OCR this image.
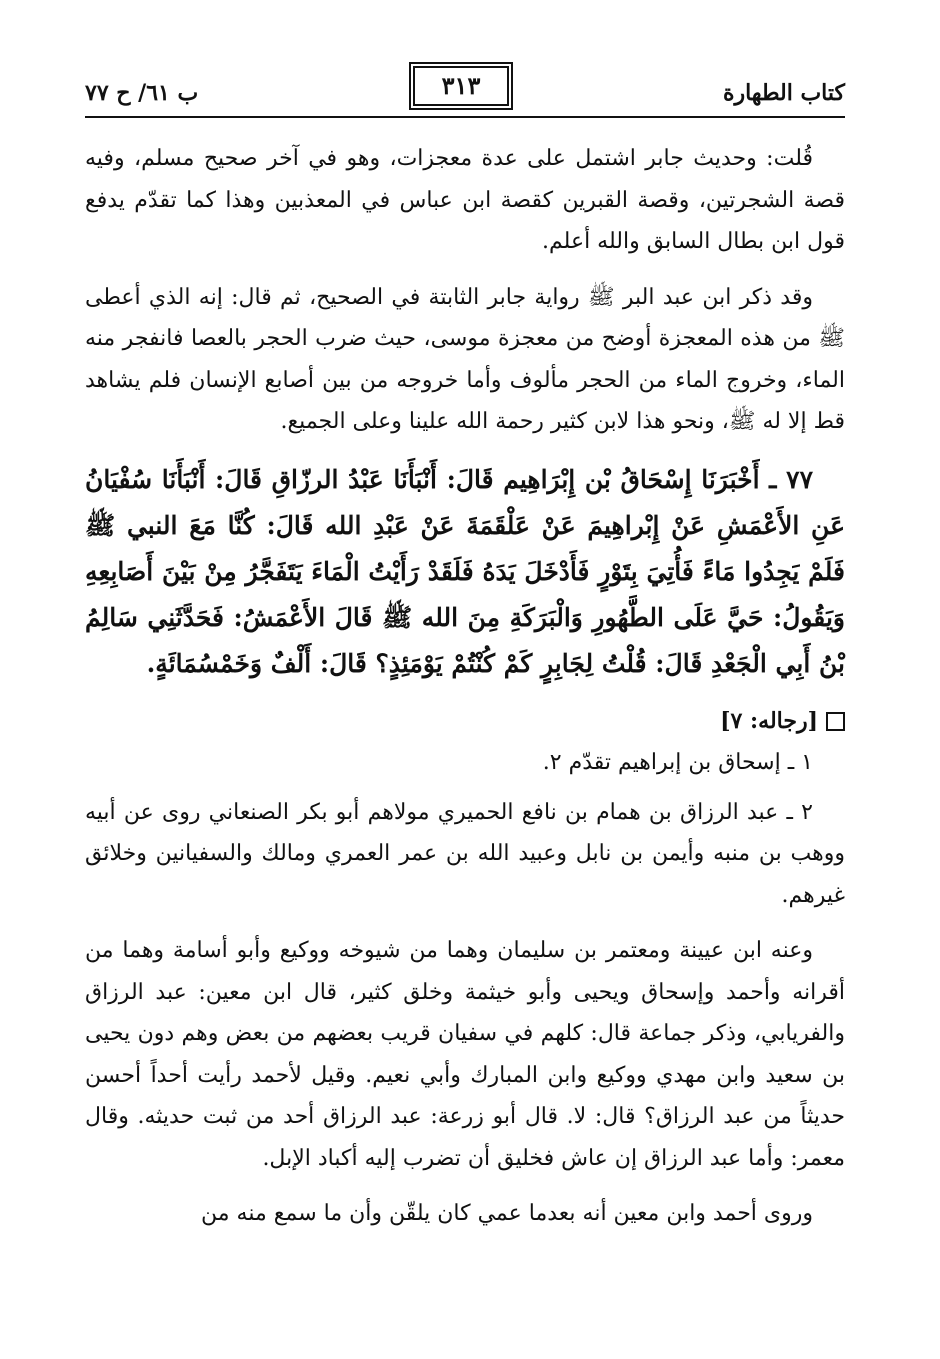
كتاب الطهارة
٣١٣
ب ٦١/ ح ٧٧

قُلت: وحديث جابر اشتمل على عدة معجزات، وهو في آخر صحيح مسلم، وفيه قصة الشجرتين، وقصة القبرين كقصة ابن عباس في المعذبين وهذا كما تقدّم يدفع قول ابن بطال السابق والله أعلم.

وقد ذكر ابن عبد البر ﷺ رواية جابر الثابتة في الصحيح، ثم قال: إنه الذي أعطى ﷺ من هذه المعجزة أوضح من معجزة موسى، حيث ضرب الحجر بالعصا فانفجر منه الماء، وخروج الماء من الحجر مألوف وأما خروجه من بين أصابع الإنسان فلم يشاهد قط إلا له ﷺ، ونحو هذا لابن كثير رحمة الله علينا وعلى الجميع.

٧٧ ـ أَخْبَرَنَا إِسْحَاقُ بْن إِبْرَاهِيم قَالَ: أَنْبَأَنَا عَبْدُ الرزّاقِ قَالَ: أَنْبَأَنَا سُفْيَانُ عَنِ الأَعْمَشِ عَنْ إِبْراهِيمَ عَنْ عَلْقَمَةَ عَنْ عَبْدِ الله قَالَ: كُنَّا مَعَ النبي ﷺ فَلَمْ يَجِدُوا مَاءً فَأُتِيَ بِتَوْرٍ فَأَدْخَلَ يَدَهُ فَلَقَدْ رَأَيْتُ الْمَاءَ يَتَفَجَّرُ مِنْ بَيْنَ أَصَابِعِهِ وَيَقُولُ: حَيَّ عَلَى الطَّهُورِ وَالْبَرَكَةِ مِنَ الله ﷺ قَالَ الأَعْمَشُ: فَحَدَّثَنِي سَالِمُ بْنُ أَبِي الْجَعْدِ قَالَ: قُلْتُ لِجَابِرٍ كَمْ كُنْتُمْ يَوْمَئِذٍ؟ قَالَ: أَلْفٌ وَخَمْسُمَائَةٍ.

[رجاله: ٧]

١ ـ إسحاق بن إبراهيم تقدّم ٢.

٢ ـ عبد الرزاق بن همام بن نافع الحميري مولاهم أبو بكر الصنعاني روى عن أبيه ووهب بن منبه وأيمن بن نابل وعبيد الله بن عمر العمري ومالك والسفيانين وخلائق غيرهم.

وعنه ابن عيينة ومعتمر بن سليمان وهما من شيوخه ووكيع وأبو أسامة وهما من أقرانه وأحمد وإسحاق ويحيى وأبو خيثمة وخلق كثير، قال ابن معين: عبد الرزاق والفريابي، وذكر جماعة قال: كلهم في سفيان قريب بعضهم من بعض وهم دون يحيى بن سعيد وابن مهدي ووكيع وابن المبارك وأبي نعيم. وقيل لأحمد رأيت أحداً أحسن حديثاً من عبد الرزاق؟ قال: لا. قال أبو زرعة: عبد الرزاق أحد من ثبت حديثه. وقال معمر: وأما عبد الرزاق إن عاش فخليق أن تضرب إليه أكباد الإبل.

وروى أحمد وابن معين أنه بعدما عمي كان يلقّن وأن ما سمع منه من
